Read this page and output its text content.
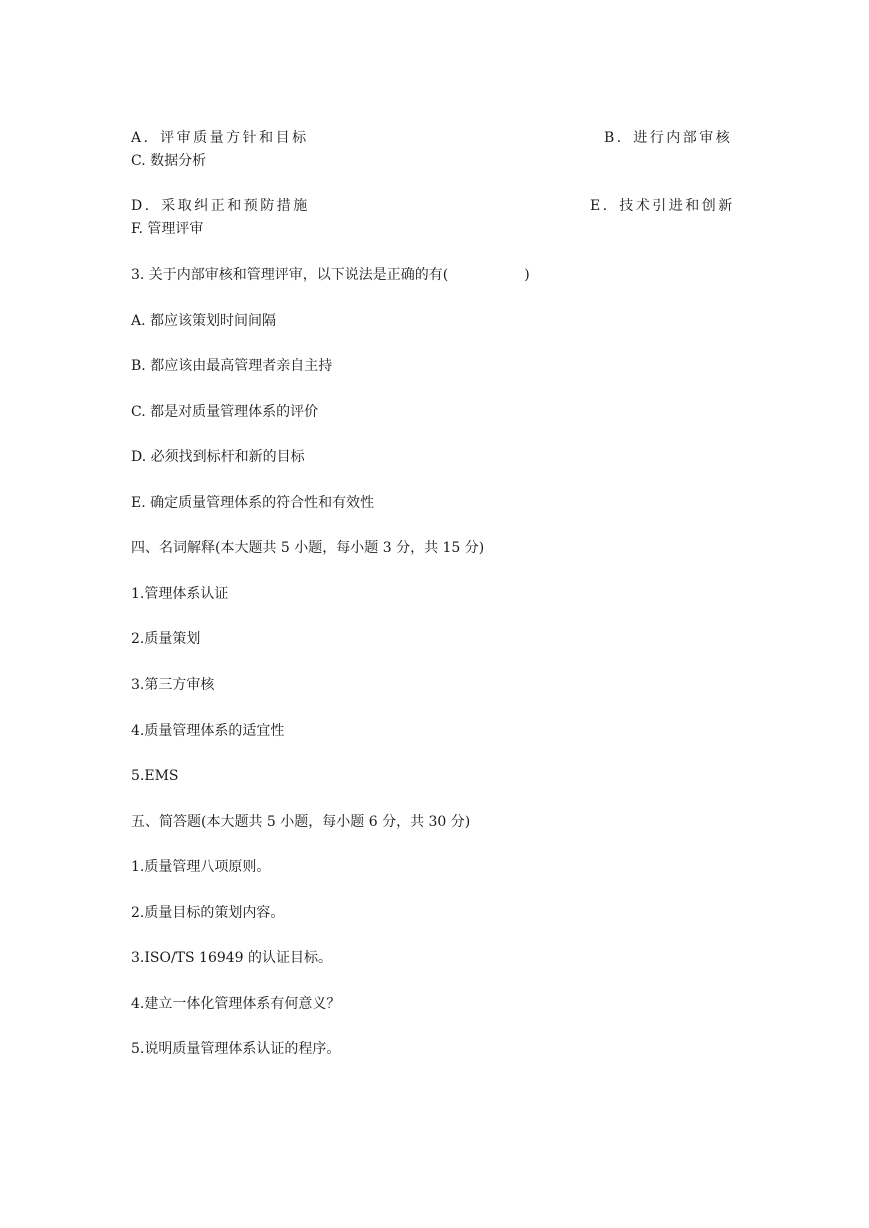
A．评审质量方针和目标	B．进行内部审核
C. 数据分析
D．采取纠正和预防措施	E．技术引进和创新
F. 管理评审
3. 关于内部审核和管理评审，以下说法是正确的有(	)
A. 都应该策划时间间隔
B. 都应该由最高管理者亲自主持
C. 都是对质量管理体系的评价
D. 必须找到标杆和新的目标
E. 确定质量管理体系的符合性和有效性
四、名词解释(本大题共 5 小题，每小题 3 分，共 15 分)
1.管理体系认证
2.质量策划
3.第三方审核
4.质量管理体系的适宜性
5.EMS
五、简答题(本大题共 5 小题，每小题 6 分，共 30 分)
1.质量管理八项原则。
2.质量目标的策划内容。
3.ISO/TS 16949 的认证目标。
4.建立一体化管理体系有何意义？
5.说明质量管理体系认证的程序。
